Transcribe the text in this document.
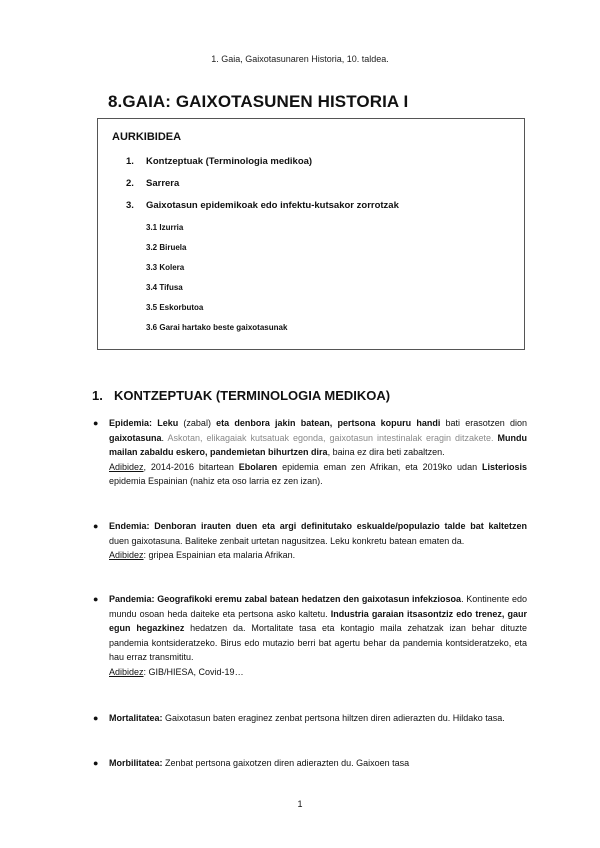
1. Gaia, Gaixotasunaren Historia, 10. taldea.
8.GAIA: GAIXOTASUNEN HISTORIA I
AURKIBIDEA
1. Kontzeptuak (Terminologia medikoa)
2. Sarrera
3. Gaixotasun epidemikoak edo infektu-kutsakor zorrotzak
3.1 Izurria
3.2 Biruela
3.3 Kolera
3.4 Tifusa
3.5 Eskorbutoa
3.6 Garai hartako beste gaixotasunak
1. KONTZEPTUAK (TERMINOLOGIA MEDIKOA)
● Epidemia: Leku (zabal) eta denbora jakin batean, pertsona kopuru handi bati erasotzen dion gaixotasuna. Askotan, elikagaiak kutsatuak egonda, gaixotasun intestinalak eragin ditzakete. Mundu mailan zabaldu eskero, pandemietan bihurtzen dira, baina ez dira beti zabaltzen.
Adibidez, 2014-2016 bitartean Ebolaren epidemia eman zen Afrikan, eta 2019ko udan Listeriosis epidemia Espainian (nahiz eta oso larria ez zen izan).

● Endemia: Denboran irauten duen eta argi definitutako eskualde/populazio talde bat kaltetzen duen gaixotasuna. Baliteke zenbait urtetan nagusitzea. Leku konkretu batean ematen da.
Adibidez: gripea Espainian eta malaria Afrikan.

● Pandemia: Geografikoki eremu zabal batean hedatzen den gaixotasun infekziosoa. Kontinente edo mundu osoan heda daiteke eta pertsona asko kaltetu. Industria garaian itsasontziz edo trenez, gaur egun hegazkinez hedatzen da. Mortalitate tasa eta kontagio maila zehatzak izan behar dituzte pandemia kontsideratzeko. Birus edo mutazio berri bat agertu behar da pandemia kontsideratzeko, eta hau erraz transmititu.
Adibidez: GIB/HIESA, Covid-19…

● Mortalitatea: Gaixotasun baten eraginez zenbat pertsona hiltzen diren adierazten du. Hildako tasa.

● Morbilitatea: Zenbat pertsona gaixotzen diren adierazten du. Gaixoen tasa

1
